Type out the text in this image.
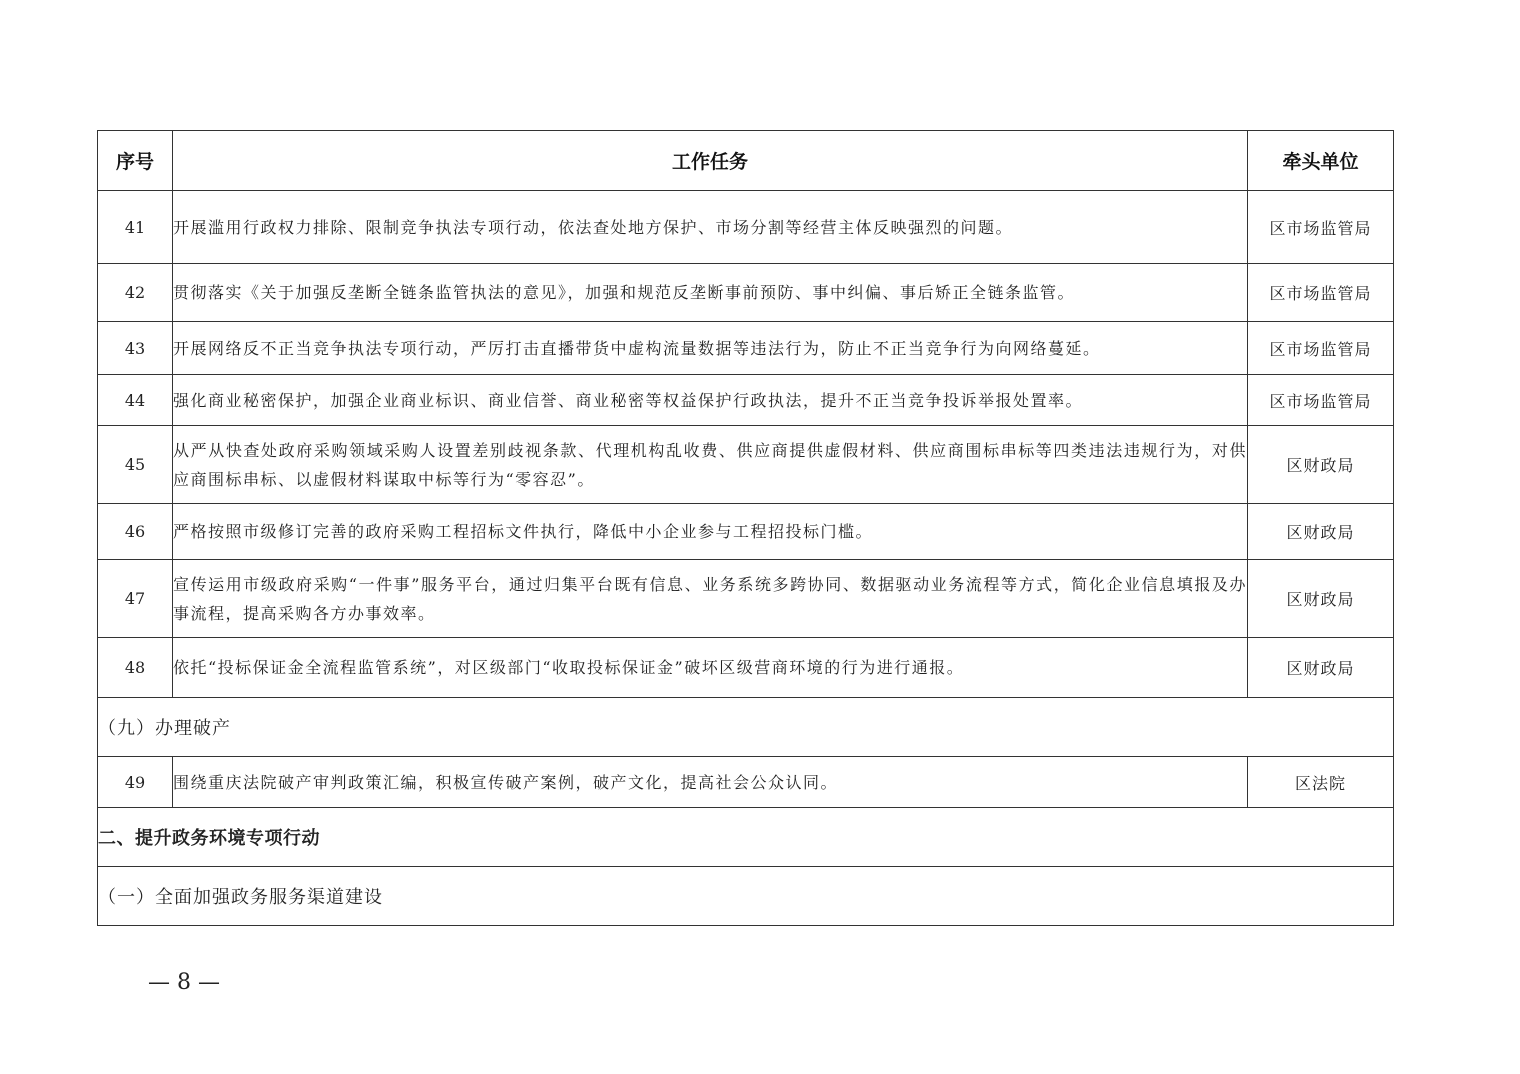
序号	工作任务	牵头单位
41	开展滥用行政权力排除、限制竞争执法专项行动，依法查处地方保护、市场分割等经营主体反映强烈的问题。	区市场监管局
42	贯彻落实《关于加强反垄断全链条监管执法的意见》，加强和规范反垄断事前预防、事中纠偏、事后矫正全链条监管。	区市场监管局
43	开展网络反不正当竞争执法专项行动，严厉打击直播带货中虚构流量数据等违法行为，防止不正当竞争行为向网络蔓延。	区市场监管局
44	强化商业秘密保护，加强企业商业标识、商业信誉、商业秘密等权益保护行政执法，提升不正当竞争投诉举报处置率。	区市场监管局
45	从严从快查处政府采购领域采购人设置差别歧视条款、代理机构乱收费、供应商提供虚假材料、供应商围标串标等四类违法违规行为，对供应商围标串标、以虚假材料谋取中标等行为“零容忍”。	区财政局
46	严格按照市级修订完善的政府采购工程招标文件执行，降低中小企业参与工程招投标门槛。	区财政局
47	宣传运用市级政府采购“一件事”服务平台，通过归集平台既有信息、业务系统多跨协同、数据驱动业务流程等方式，简化企业信息填报及办事流程，提高采购各方办事效率。	区财政局
48	依托“投标保证金全流程监管系统”，对区级部门“收取投标保证金”破坏区级营商环境的行为进行通报。	区财政局
（九）办理破产		
49	围绕重庆法院破产审判政策汇编，积极宣传破产案例，破产文化，提高社会公众认同。	区法院
二、提升政务环境专项行动		
（一）全面加强政务服务渠道建设		
— 8 —
